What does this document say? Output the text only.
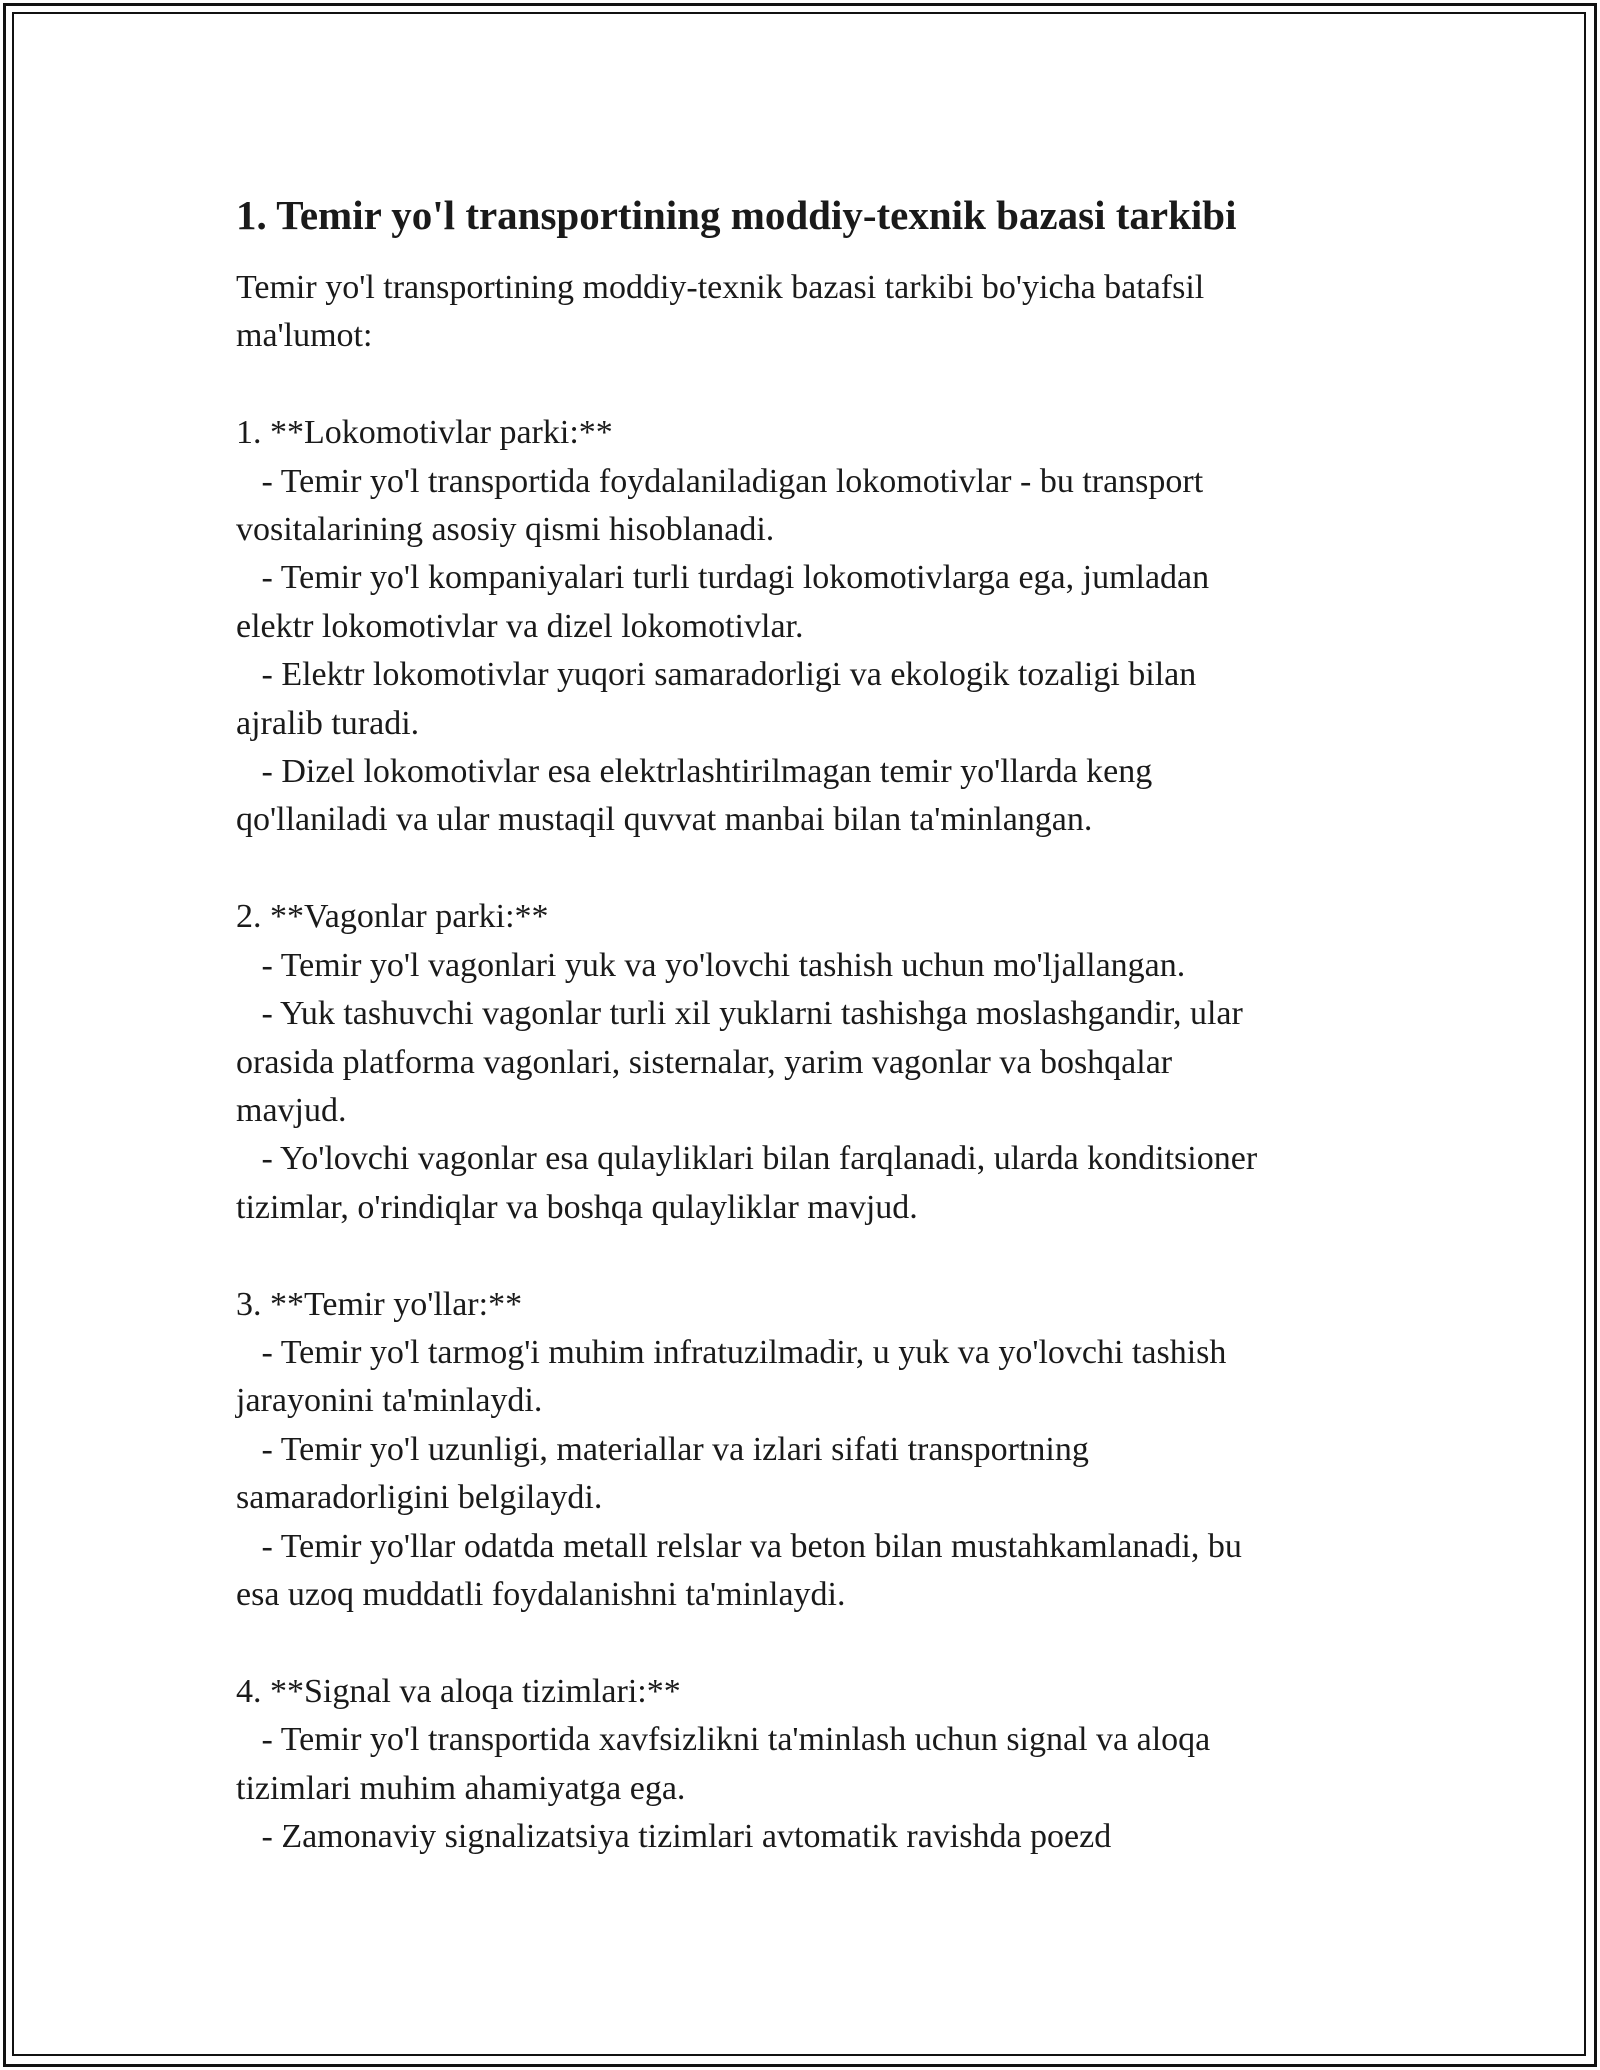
1. Temir yo'l transportining moddiy-texnik bazasi tarkibi

Temir yo'l transportining moddiy-texnik bazasi tarkibi bo'yicha batafsil
ma'lumot:

1. **Lokomotivlar parki:**
- Temir yo'l transportida foydalaniladigan lokomotivlar - bu transport
vositalarining asosiy qismi hisoblanadi.
- Temir yo'l kompaniyalari turli turdagi lokomotivlarga ega, jumladan
elektr lokomotivlar va dizel lokomotivlar.
- Elektr lokomotivlar yuqori samaradorligi va ekologik tozaligi bilan
ajralib turadi.
- Dizel lokomotivlar esa elektrlashtirilmagan temir yo'llarda keng
qo'llaniladi va ular mustaqil quvvat manbai bilan ta'minlangan.

2. **Vagonlar parki:**
- Temir yo'l vagonlari yuk va yo'lovchi tashish uchun mo'ljallangan.
- Yuk tashuvchi vagonlar turli xil yuklarni tashishga moslashgandir, ular
orasida platforma vagonlari, sisternalar, yarim vagonlar va boshqalar
mavjud.
- Yo'lovchi vagonlar esa qulayliklari bilan farqlanadi, ularda konditsioner
tizimlar, o'rindiqlar va boshqa qulayliklar mavjud.

3. **Temir yo'llar:**
- Temir yo'l tarmog'i muhim infratuzilmadir, u yuk va yo'lovchi tashish
jarayonini ta'minlaydi.
- Temir yo'l uzunligi, materiallar va izlari sifati transportning
samaradorligini belgilaydi.
- Temir yo'llar odatda metall relslar va beton bilan mustahkamlanadi, bu
esa uzoq muddatli foydalanishni ta'minlaydi.

4. **Signal va aloqa tizimlari:**
- Temir yo'l transportida xavfsizlikni ta'minlash uchun signal va aloqa
tizimlari muhim ahamiyatga ega.
- Zamonaviy signalizatsiya tizimlari avtomatik ravishda poezd
